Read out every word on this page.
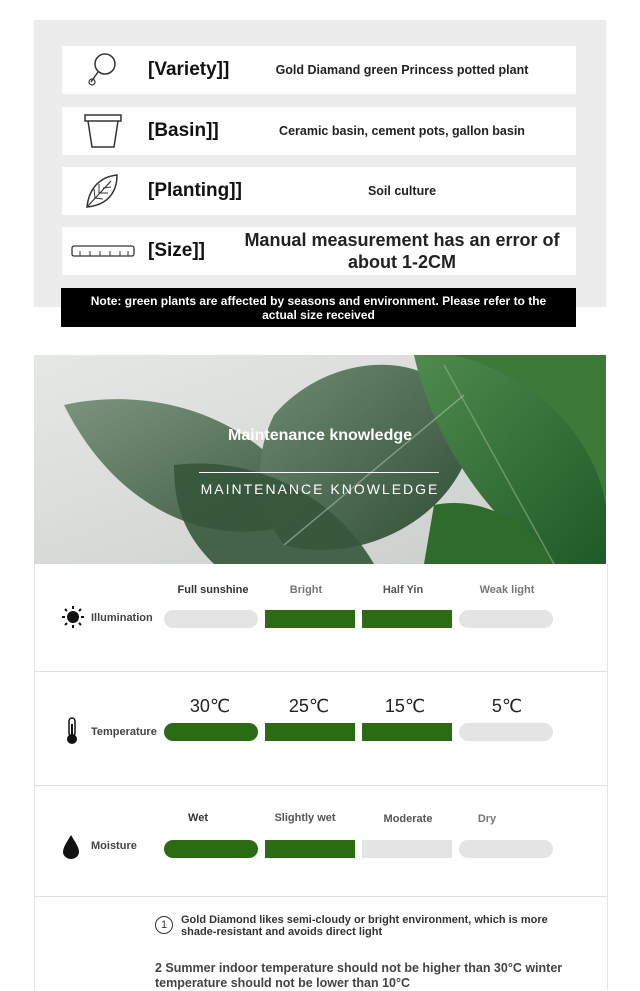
[Variety]]	Gold Diamand green Princess potted plant
[Basin]]	Ceramic basin, cement pots, gallon basin
[Planting]]	Soil culture
[Size]]	Manual measurement has an error of about 1-2CM
Note: green plants are affected by seasons and environment. Please refer to the actual size received
Maintenance knowledge
MAINTENANCE KNOWLEDGE
Full sunshine	Bright	Half Yin	Weak light
Illumination
30℃	25℃	15℃	5℃
Temperature
Wet	Slightly wet	Moderate	Dry
Moisture
1	Gold Diamond likes semi-cloudy or bright environment, which is more shade-resistant and avoids direct light
2 Summer indoor temperature should not be higher than 30°C winter temperature should not be lower than 10°C
